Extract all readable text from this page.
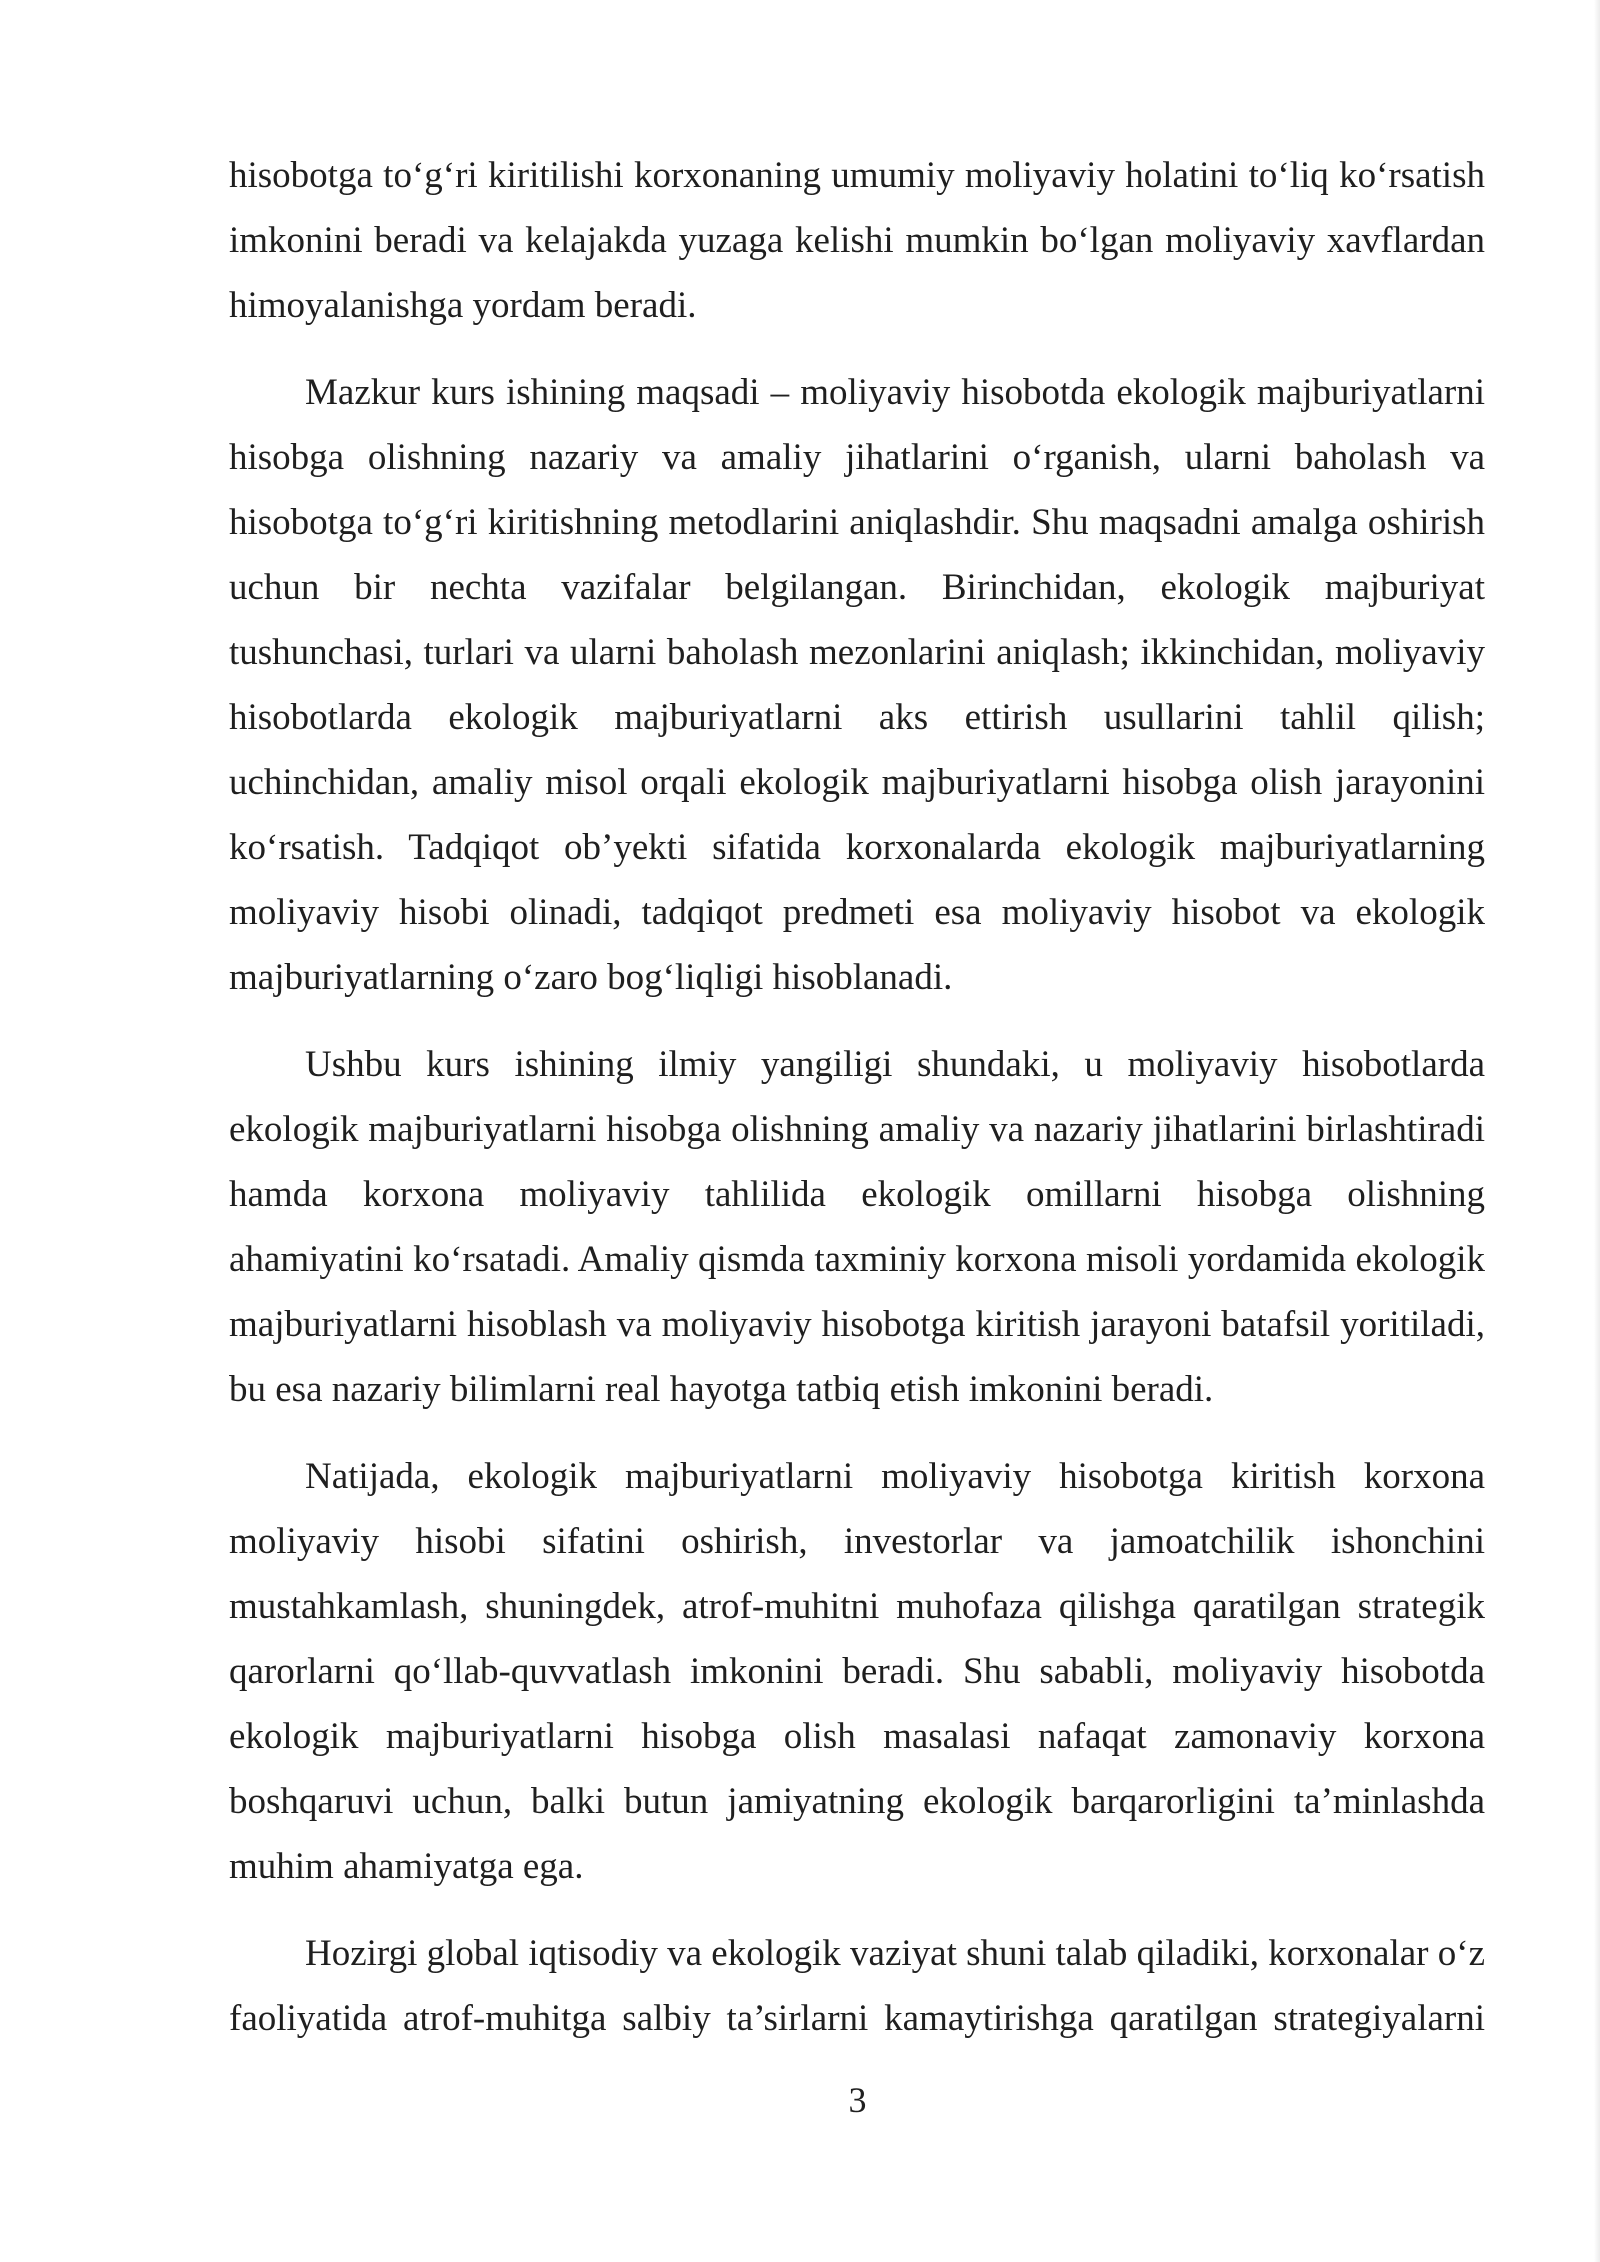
hisobotga to‘g‘ri kiritilishi korxonaning umumiy moliyaviy holatini to‘liq ko‘rsatish imkonini beradi va kelajakda yuzaga kelishi mumkin bo‘lgan moliyaviy xavflardan himoyalanishga yordam beradi.

Mazkur kurs ishining maqsadi – moliyaviy hisobotda ekologik majburiyatlarni hisobga olishning nazariy va amaliy jihatlarini o‘rganish, ularni baholash va hisobotga to‘g‘ri kiritishning metodlarini aniqlashdir. Shu maqsadni amalga oshirish uchun bir nechta vazifalar belgilangan. Birinchidan, ekologik majburiyat tushunchasi, turlari va ularni baholash mezonlarini aniqlash; ikkinchidan, moliyaviy hisobotlarda ekologik majburiyatlarni aks ettirish usullarini tahlil qilish; uchinchidan, amaliy misol orqali ekologik majburiyatlarni hisobga olish jarayonini ko‘rsatish. Tadqiqot ob’yekti sifatida korxonalarda ekologik majburiyatlarning moliyaviy hisobi olinadi, tadqiqot predmeti esa moliyaviy hisobot va ekologik majburiyatlarning o‘zaro bog‘liqligi hisoblanadi.

Ushbu kurs ishining ilmiy yangiligi shundaki, u moliyaviy hisobotlarda ekologik majburiyatlarni hisobga olishning amaliy va nazariy jihatlarini birlashtiradi hamda korxona moliyaviy tahlilida ekologik omillarni hisobga olishning ahamiyatini ko‘rsatadi. Amaliy qismda taxminiy korxona misoli yordamida ekologik majburiyatlarni hisoblash va moliyaviy hisobotga kiritish jarayoni batafsil yoritiladi, bu esa nazariy bilimlarni real hayotga tatbiq etish imkonini beradi.

Natijada, ekologik majburiyatlarni moliyaviy hisobotga kiritish korxona moliyaviy hisobi sifatini oshirish, investorlar va jamoatchilik ishonchini mustahkamlash, shuningdek, atrof-muhitni muhofaza qilishga qaratilgan strategik qarorlarni qo‘llab-quvvatlash imkonini beradi. Shu sababli, moliyaviy hisobotda ekologik majburiyatlarni hisobga olish masalasi nafaqat zamonaviy korxona boshqaruvi uchun, balki butun jamiyatning ekologik barqarorligini ta’minlashda muhim ahamiyatga ega.

Hozirgi global iqtisodiy va ekologik vaziyat shuni talab qiladiki, korxonalar o‘z faoliyatida atrof-muhitga salbiy ta’sirlarni kamaytirishga qaratilgan strategiyalarni

3
